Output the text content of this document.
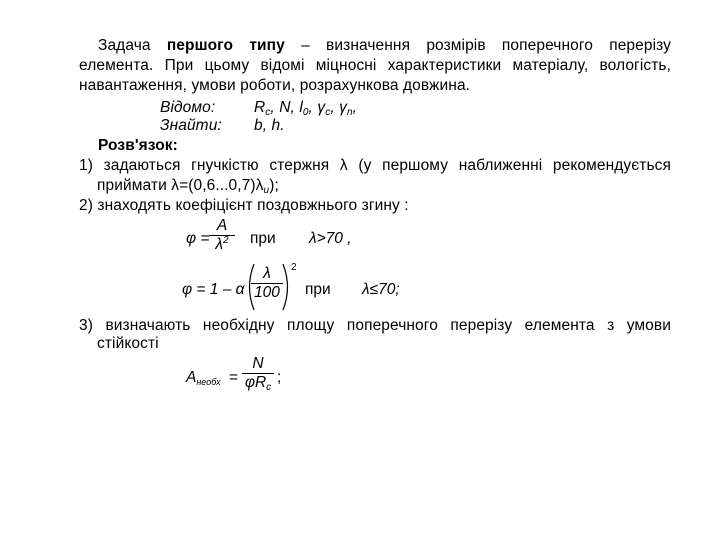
Задача першого типу – визначення розмірів поперечного перерізу
елемента. При цьому відомі міцносні характеристики матеріалу, вологість,
навантаження, умови роботи, розрахункова довжина.
Відомо:	Rc, N, l0, γc, γn,
Знайти: b, h.
Розв'язок:
1) задаються гнучкістю стержня λ (у першому наближенні рекомендується
приймати λ=(0,6...0,7)λu);
2) знаходять коефіцієнт поздовжнього згину :
φ =
A
$\lambda^2$	при λ>70 ,
φ = 1 – α
λ
100
2
при λ≤70;
3) визначають необхідну площу поперечного перерізу елемента з умови
стійкості
Aнеобх =
N
φRc
;
